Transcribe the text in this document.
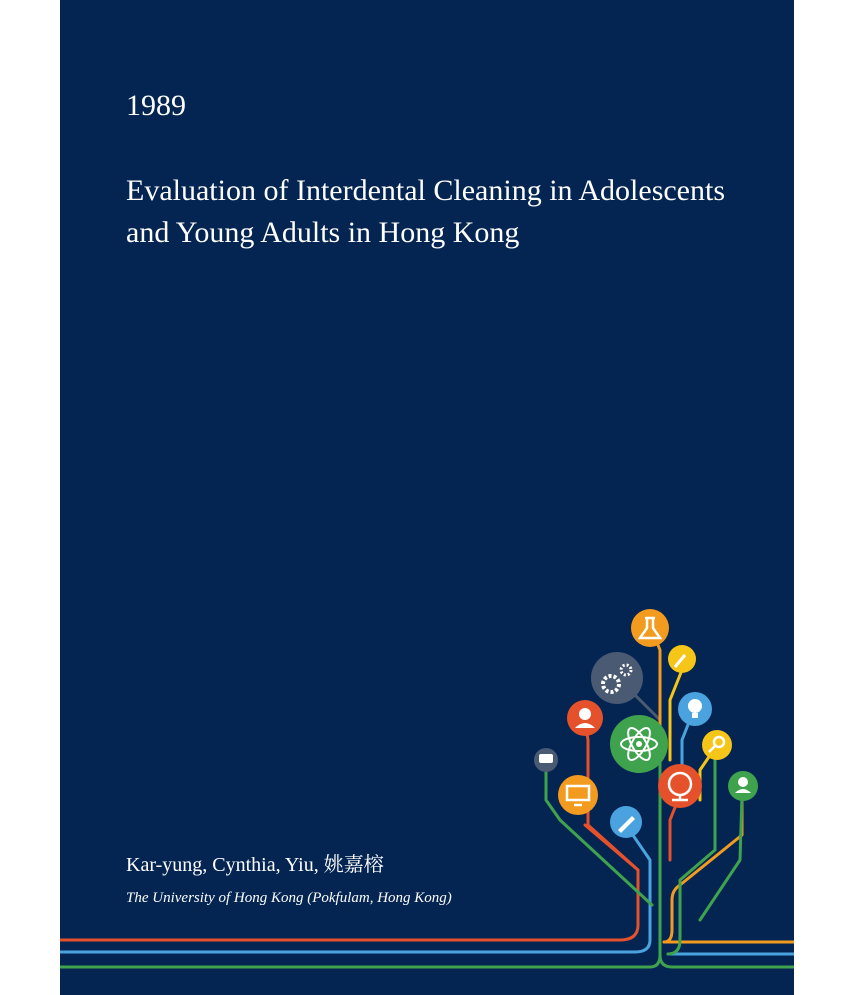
1989
Evaluation of Interdental Cleaning in Adolescents and Young Adults in Hong Kong
Kar-yung, Cynthia, Yiu, 姚嘉榕
The University of Hong Kong (Pokfulam, Hong Kong)
